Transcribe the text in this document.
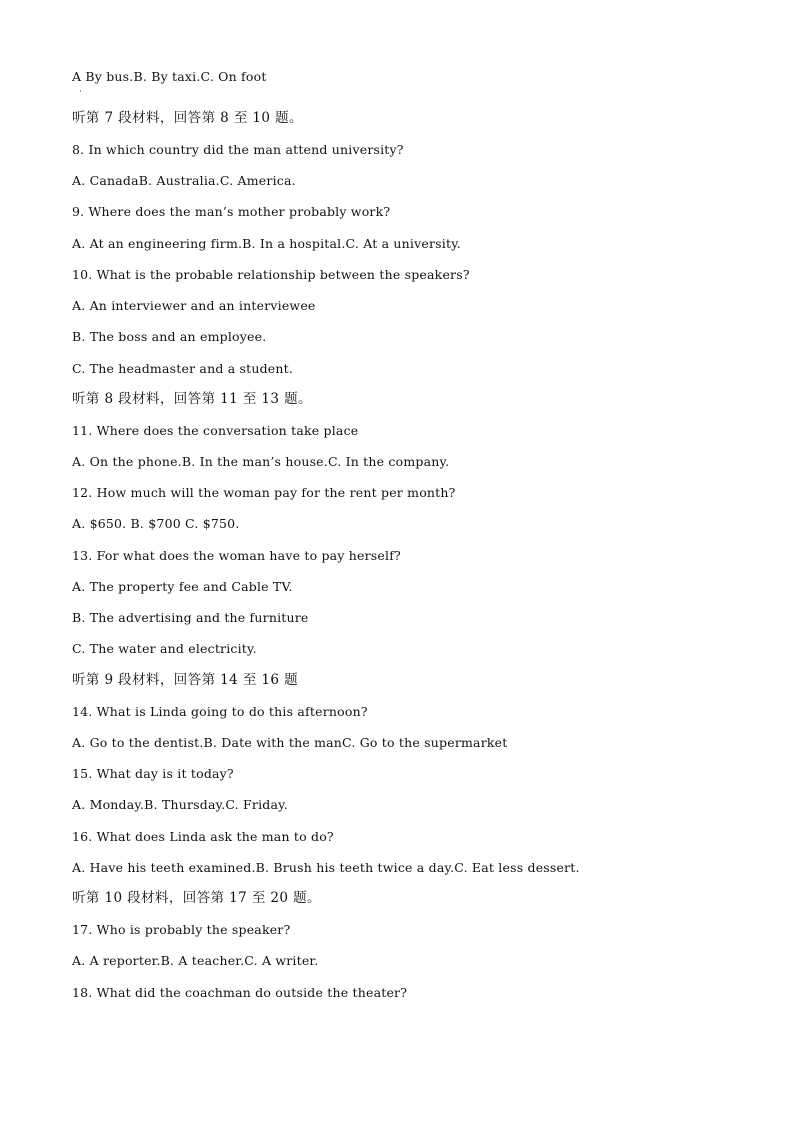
A By bus.B. By taxi.C. On foot
·
听第 7 段材料，回答第 8 至 10 题。
8. In which country did the man attend university?
A. CanadaB. Australia.C. America.
9. Where does the man’s mother probably work?
A. At an engineering firm.B. In a hospital.C. At a university.
10. What is the probable relationship between the speakers?
A. An interviewer and an interviewee
B. The boss and an employee.
C. The headmaster and a student.
听第 8 段材料，回答第 11 至 13 题。
11. Where does the conversation take place
A. On the phone.B. In the man’s house.C. In the company.
12. How much will the woman pay for the rent per month?
A. $650. B. $700 C. $750.
13. For what does the woman have to pay herself?
A. The property fee and Cable TV.
B. The advertising and the furniture
C. The water and electricity.
听第 9 段材料，回答第 14 至 16 题
14. What is Linda going to do this afternoon?
A. Go to the dentist.B. Date with the manC. Go to the supermarket
15. What day is it today?
A. Monday.B. Thursday.C. Friday.
16. What does Linda ask the man to do?
A. Have his teeth examined.B. Brush his teeth twice a day.C. Eat less dessert.
听第 10 段材料，回答第 17 至 20 题。
17. Who is probably the speaker?
A. A reporter.B. A teacher.C. A writer.
18. What did the coachman do outside the theater?
